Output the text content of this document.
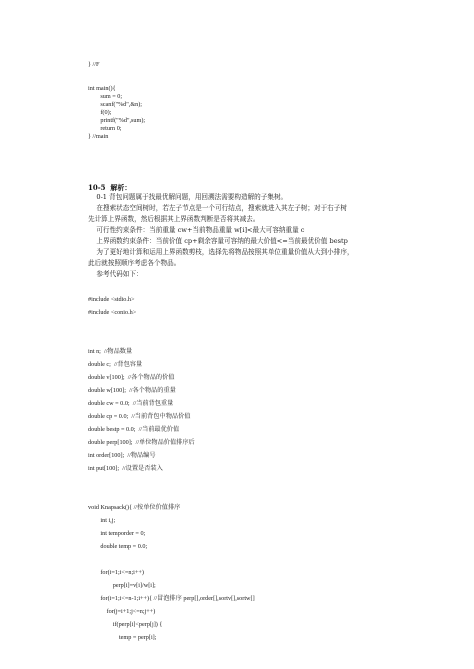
} //F
int main(){
sum = 0;
scanf("%d",&n);
f(0);
printf("%d",sum);
return 0;
} //main
10-5  解析：
0-1 背包问题属于找最优解问题，用回溯法需要构造解的子集树。
在搜索状态空间树时，若左子节点是一个可行结点，搜索就进入其左子树；对于右子树
先计算上界函数，然后根据其上界函数判断是否将其减去。
可行性约束条件：当前重量 cw+当前物品重量 w[i]<最大可容纳重量 c
上界函数约束条件：当前价值 cp+剩余容量可容纳的最大价值<=当前最优价值 bestp
为了更好地计算和运用上界函数剪枝，选择先将物品按照其单位重量价值从大到小排序，
此后就按照顺序考虑各个物品。
参考代码如下：
#include <stdio.h>
#include <conio.h>
int n;  //物品数量
double c;  //背包容量
double v[100];  //各个物品的价值
double w[100];  //各个物品的重量
double cw = 0.0;  //当前背包重量
double cp = 0.0;  //当前背包中物品价值
double bestp = 0.0;  //当前最优价值
double perp[100];  //单位物品价值排序后
int order[100];  //物品编号
int put[100];  //设置是否装入
void Knapsack(){ //按单位价值排序
int i,j;
int temporder = 0;
double temp = 0.0;
for(i=1;i<=n;i++)
perp[i]=v[i]/w[i];
for(i=1;i<=n-1;i++){ //冒泡排序 perp[],order[],sortv[],sortw[]
for(j=i+1;j<=n;j++)
if(perp[i]<perp[j]) {
temp = perp[i];
